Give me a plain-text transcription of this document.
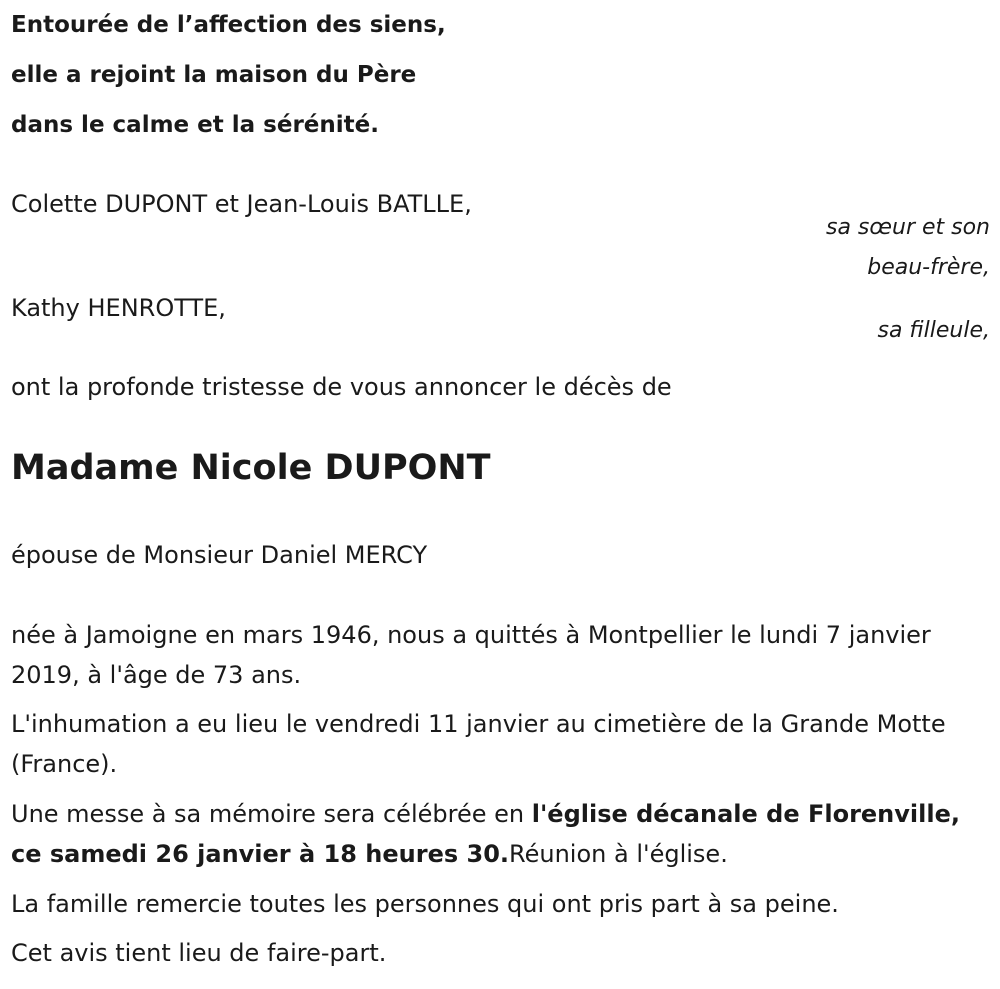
Entourée de l’affection des siens,
elle a rejoint la maison du Père
dans le calme et la sérénité.
Colette DUPONT et Jean-Louis BATLLE,
sa sœur et son
beau-frère,
Kathy HENROTTE,
sa filleule,
ont la profonde tristesse de vous annoncer le décès de
Madame Nicole DUPONT
épouse de Monsieur Daniel MERCY
née à Jamoigne en mars 1946, nous a quittés à Montpellier le lundi 7 janvier 2019, à l'âge de 73 ans.
L'inhumation a eu lieu le vendredi 11 janvier au cimetière de la Grande Motte (France).
Une messe à sa mémoire sera célébrée en l'église décanale de Florenville, ce samedi 26 janvier à 18 heures 30.Réunion à l'église.
La famille remercie toutes les personnes qui ont pris part à sa peine.
Cet avis tient lieu de faire-part.
